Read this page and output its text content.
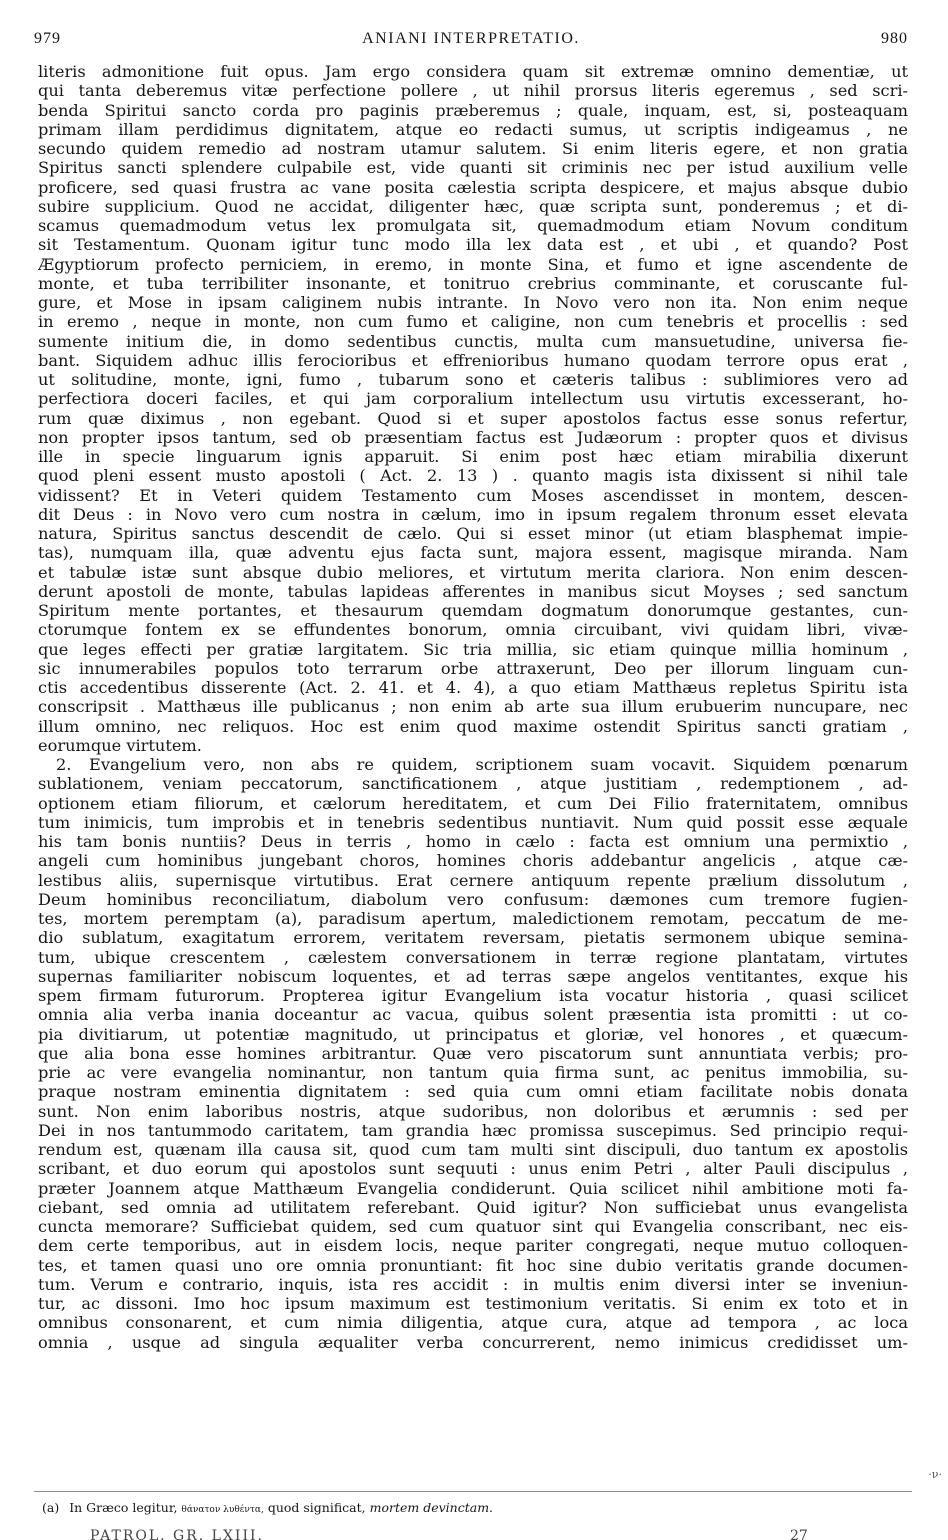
979	ANIANI INTERPRETATIO.	980
literis admonitione fuit opus. Jam ergo considera quam sit extremæ omnino dementiæ, ut
qui tanta deberemus vitæ perfectione pollere , ut nihil prorsus literis egeremus , sed scri-
benda Spiritui sancto corda pro paginis præberemus ; quale, inquam, est, si, posteaquam
primam illam perdidimus dignitatem, atque eo redacti sumus, ut scriptis indigeamus , ne
secundo quidem remedio ad nostram utamur salutem. Si enim literis egere, et non gratia
Spiritus sancti splendere culpabile est, vide quanti sit criminis nec per istud auxilium velle
proficere, sed quasi frustra ac vane posita cælestia scripta despicere, et majus absque dubio
subire supplicium. Quod ne accidat, diligenter hæc, quæ scripta sunt, ponderemus ; et di-
scamus quemadmodum vetus lex promulgata sit, quemadmodum etiam Novum conditum
sit Testamentum. Quonam igitur tunc modo illa lex data est , et ubi , et quando? Post
Ægyptiorum profecto perniciem, in eremo, in monte Sina, et fumo et igne ascendente de
monte, et tuba terribiliter insonante, et tonitruo crebrius comminante, et coruscante ful-
gure, et Mose in ipsam caliginem nubis intrante. In Novo vero non ita. Non enim neque
in eremo , neque in monte, non cum fumo et caligine, non cum tenebris et procellis : sed
sumente initium die, in domo sedentibus cunctis, multa cum mansuetudine, universa fie-
bant. Siquidem adhuc illis ferocioribus et effrenioribus humano quodam terrore opus erat ,
ut solitudine, monte, igni, fumo , tubarum sono et cæteris talibus : sublimiores vero ad
perfectiora doceri faciles, et qui jam corporalium intellectum usu virtutis excesserant, ho-
rum quæ diximus , non egebant. Quod si et super apostolos factus esse sonus refertur,
non propter ipsos tantum, sed ob præsentiam factus est Judæorum : propter quos et divisus
ille in specie linguarum ignis apparuit. Si enim post hæc etiam mirabilia dixerunt
quod pleni essent musto apostoli ( Act. 2. 13 ) . quanto magis ista dixissent si nihil tale
vidissent? Et in Veteri quidem Testamento cum Moses ascendisset in montem, descen-
dit Deus : in Novo vero cum nostra in cælum, imo in ipsum regalem thronum esset elevata
natura, Spiritus sanctus descendit de cælo. Qui si esset minor (ut etiam blasphemat impie-
tas), numquam illa, quæ adventu ejus facta sunt, majora essent, magisque miranda. Nam
et tabulæ istæ sunt absque dubio meliores, et virtutum merita clariora. Non enim descen-
derunt apostoli de monte, tabulas lapideas afferentes in manibus sicut Moyses ; sed sanctum
Spiritum mente portantes, et thesaurum quemdam dogmatum donorumque gestantes, cun-
ctorumque fontem ex se effundentes bonorum, omnia circuibant, vivi quidam libri, vivæ-
que leges effecti per gratiæ largitatem. Sic tria millia, sic etiam quinque millia hominum ,
sic innumerabiles populos toto terrarum orbe attraxerunt, Deo per illorum linguam cun-
ctis accedentibus disserente (Act. 2. 41. et 4. 4), a quo etiam Matthæus repletus Spiritu ista
conscripsit . Matthæus ille publicanus ; non enim ab arte sua illum erubuerim nuncupare, nec
illum omnino, nec reliquos. Hoc est enim quod maxime ostendit Spiritus sancti gratiam ,
eorumque virtutem.
2. Evangelium vero, non abs re quidem, scriptionem suam vocavit. Siquidem pœnarum
sublationem, veniam peccatorum, sanctificationem , atque justitiam , redemptionem , ad-
optionem etiam filiorum, et cælorum hereditatem, et cum Dei Filio fraternitatem, omnibus
tum inimicis, tum improbis et in tenebris sedentibus nuntiavit. Num quid possit esse æquale
his tam bonis nuntiis? Deus in terris , homo in cælo : facta est omnium una permixtio ,
angeli cum hominibus jungebant choros, homines choris addebantur angelicis , atque cæ-
lestibus aliis, supernisque virtutibus. Erat cernere antiquum repente prælium dissolutum ,
Deum hominibus reconciliatum, diabolum vero confusum: dæmones cum tremore fugien-
tes, mortem peremptam (a), paradisum apertum, maledictionem remotam, peccatum de me-
dio sublatum, exagitatum errorem, veritatem reversam, pietatis sermonem ubique semina-
tum, ubique crescentem , cælestem conversationem in terræ regione plantatam, virtutes
supernas familiariter nobiscum loquentes, et ad terras sæpe angelos ventitantes, exque his
spem firmam futurorum. Propterea igitur Evangelium ista vocatur historia , quasi scilicet
omnia alia verba inania doceantur ac vacua, quibus solent præsentia ista promitti : ut co-
pia divitiarum, ut potentiæ magnitudo, ut principatus et gloriæ, vel honores , et quæcum-
que alia bona esse homines arbitrantur. Quæ vero piscatorum sunt annuntiata verbis; pro-
prie ac vere evangelia nominantur, non tantum quia firma sunt, ac penitus immobilia, su-
praque nostram eminentia dignitatem : sed quia cum omni etiam facilitate nobis donata
sunt. Non enim laboribus nostris, atque sudoribus, non doloribus et ærumnis : sed per
Dei in nos tantummodo caritatem, tam grandia hæc promissa suscepimus. Sed principio requi-
rendum est, quænam illa causa sit, quod cum tam multi sint discipuli, duo tantum ex apostolis
scribant, et duo eorum qui apostolos sunt sequuti : unus enim Petri , alter Pauli discipulus ,
præter Joannem atque Matthæum Evangelia condiderunt. Quia scilicet nihil ambitione moti fa-
ciebant, sed omnia ad utilitatem referebant. Quid igitur? Non sufficiebat unus evangelista
cuncta memorare? Sufficiebat quidem, sed cum quatuor sint qui Evangelia conscribant, nec eis-
dem certe temporibus, aut in eisdem locis, neque pariter congregati, neque mutuo colloquen-
tes, et tamen quasi uno ore omnia pronuntiant: fit hoc sine dubio veritatis grande documen-
tum. Verum e contrario, inquis, ista res accidit : in multis enim diversi inter se inveniun-
tur, ac dissoni. Imo hoc ipsum maximum est testimonium veritatis. Si enim ex toto et in
omnibus consonarent, et cum nimia diligentia, atque cura, atque ad tempora , ac loca
omnia , usque ad singula æqualiter verba concurrerent, nemo inimicus credidisset um-
·ν·
(a) In Græco legitur, θάνατον λυθέντα, quod significat, mortem devinctam.
PATROL. GR. LXIII.	27
